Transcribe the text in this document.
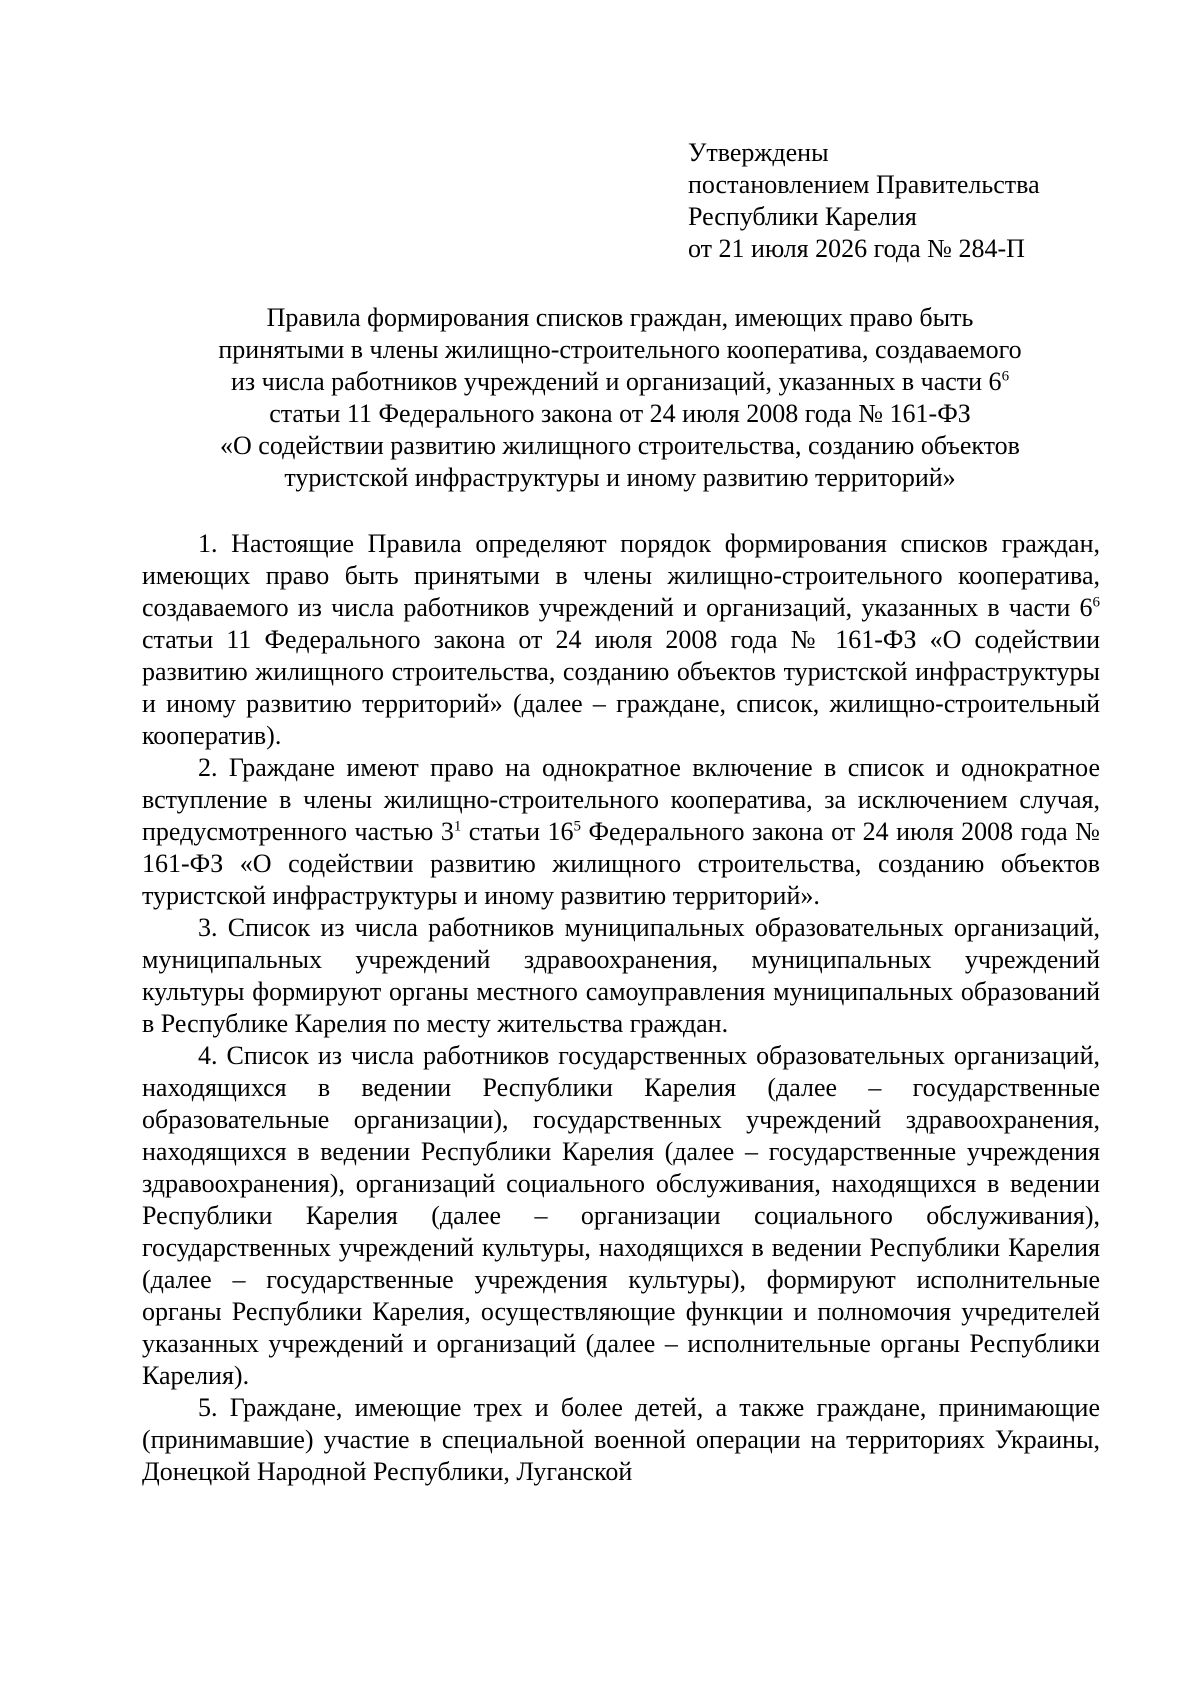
Утверждены
постановлением Правительства
Республики Карелия
от 21 июля 2026 года № 284-П
Правила формирования списков граждан, имеющих право быть
принятыми в члены жилищно-строительного кооператива, создаваемого
из числа работников учреждений и организаций, указанных в части $6^6$
статьи 11 Федерального закона от 24 июля 2008 года № 161-ФЗ
«О содействии развитию жилищного строительства, созданию объектов
туристской инфраструктуры и иному развитию территорий»

1. Настоящие Правила определяют порядок формирования списков граждан, имеющих право быть принятыми в члены жилищно-строительного кооператива, создаваемого из числа работников учреждений и организаций, указанных в части $6^6$ статьи 11 Федерального закона от 24 июля 2008 года № 161-ФЗ «О содействии развитию жилищного строительства, созданию объектов туристской инфраструктуры и иному развитию территорий» (далее – граждане, список, жилищно-строительный кооператив).

2. Граждане имеют право на однократное включение в список и однократное вступление в члены жилищно-строительного кооператива, за исключением случая, предусмотренного частью $3^1$ статьи $16^5$ Федерального закона от 24 июля 2008 года № 161-ФЗ «О содействии развитию жилищного строительства, созданию объектов туристской инфраструктуры и иному развитию территорий».

3. Список из числа работников муниципальных образовательных организаций, муниципальных учреждений здравоохранения, муниципальных учреждений культуры формируют органы местного самоуправления муниципальных образований в Республике Карелия по месту жительства граждан.

4. Список из числа работников государственных образовательных организаций, находящихся в ведении Республики Карелия (далее – государственные образовательные организации), государственных учреждений здравоохранения, находящихся в ведении Республики Карелия (далее – государственные учреждения здравоохранения), организаций социального обслуживания, находящихся в ведении Республики Карелия (далее – организации социального обслуживания), государственных учреждений культуры, находящихся в ведении Республики Карелия (далее – государственные учреждения культуры), формируют исполнительные органы Республики Карелия, осуществляющие функции и полномочия учредителей указанных учреждений и организаций (далее – исполнительные органы Республики Карелия).

5. Граждане, имеющие трех и более детей, а также граждане, принимающие (принимавшие) участие в специальной военной операции на территориях Украины, Донецкой Народной Республики, Луганской
